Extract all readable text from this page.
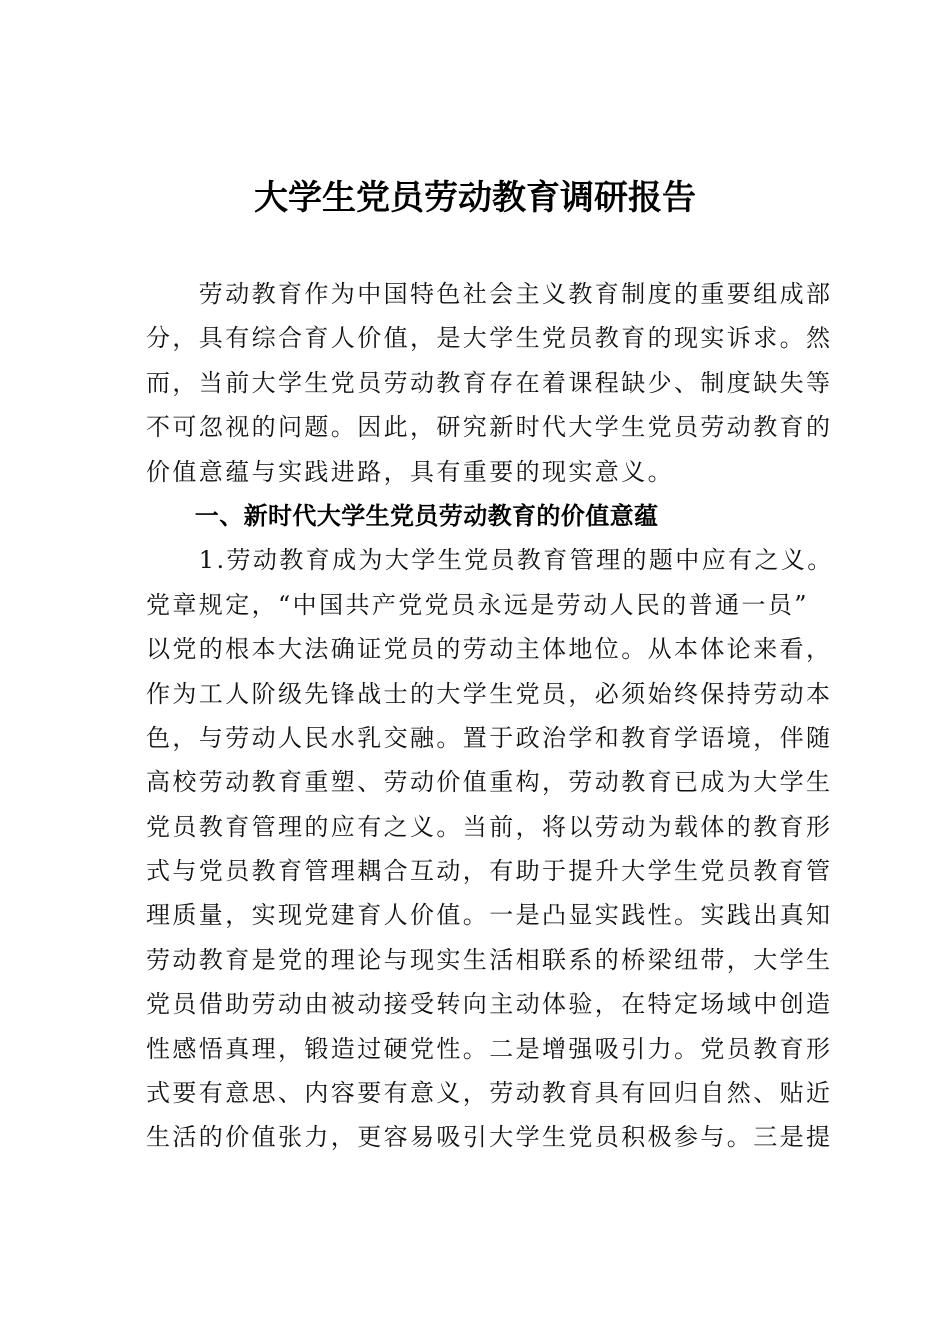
大学生党员劳动教育调研报告
　　劳动教育作为中国特色社会主义教育制度的重要组成部
分，具有综合育人价值，是大学生党员教育的现实诉求。然
而，当前大学生党员劳动教育存在着课程缺少、制度缺失等
不可忽视的问题。因此，研究新时代大学生党员劳动教育的
价值意蕴与实践进路，具有重要的现实意义。
　　一、新时代大学生党员劳动教育的价值意蕴
　　1.劳动教育成为大学生党员教育管理的题中应有之义。
党章规定，“中国共产党党员永远是劳动人民的普通一员”
以党的根本大法确证党员的劳动主体地位。从本体论来看，
作为工人阶级先锋战士的大学生党员，必须始终保持劳动本
色，与劳动人民水乳交融。置于政治学和教育学语境，伴随
高校劳动教育重塑、劳动价值重构，劳动教育已成为大学生
党员教育管理的应有之义。当前，将以劳动为载体的教育形
式与党员教育管理耦合互动，有助于提升大学生党员教育管
理质量，实现党建育人价值。一是凸显实践性。实践出真知
劳动教育是党的理论与现实生活相联系的桥梁纽带，大学生
党员借助劳动由被动接受转向主动体验，在特定场域中创造
性感悟真理，锻造过硬党性。二是增强吸引力。党员教育形
式要有意思、内容要有意义，劳动教育具有回归自然、贴近
生活的价值张力，更容易吸引大学生党员积极参与。三是提
